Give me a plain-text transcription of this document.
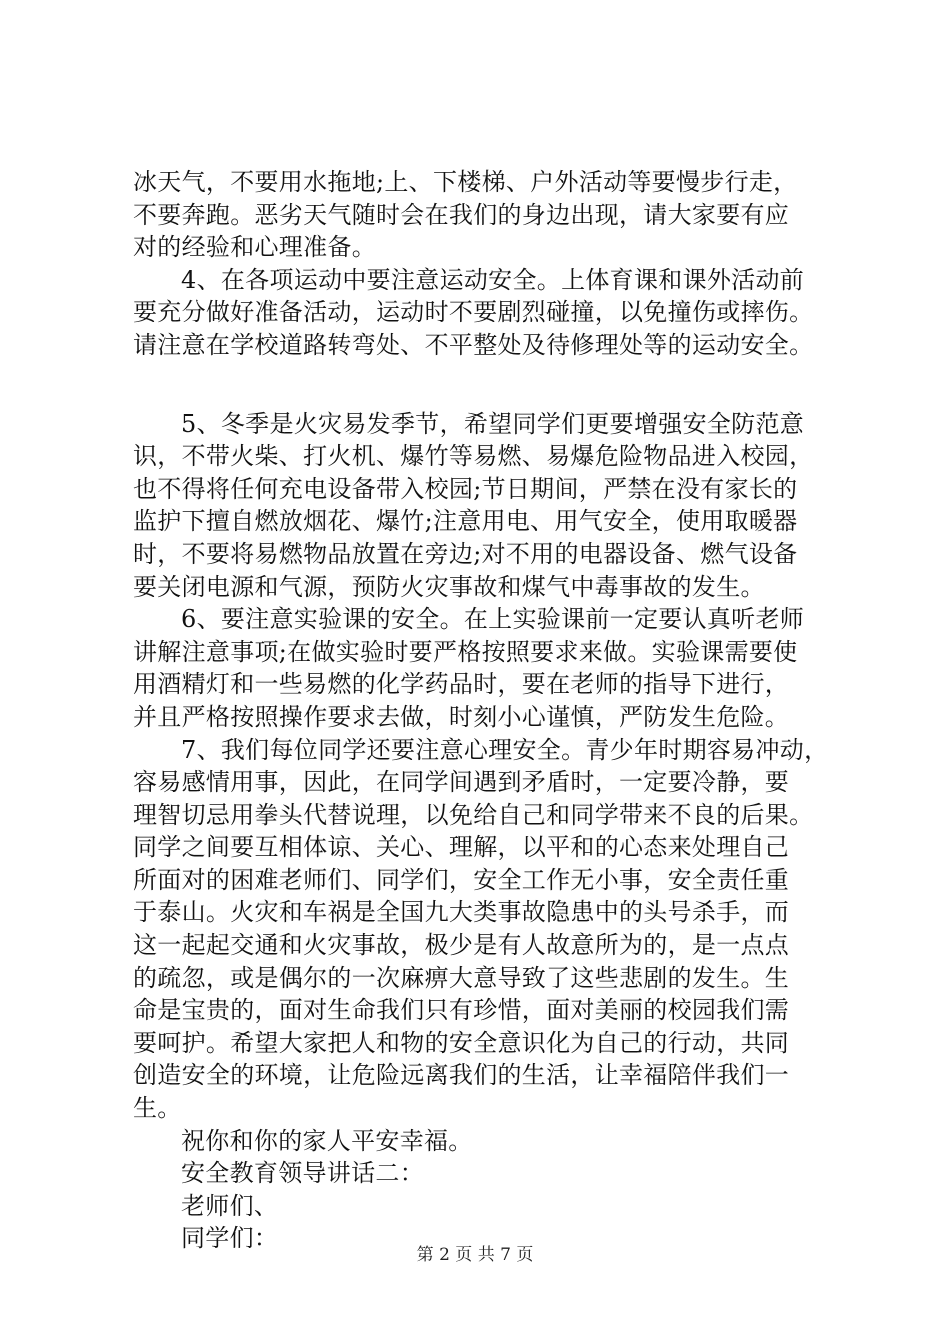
冰天气，不要用水拖地;上、下楼梯、户外活动等要慢步行走，
不要奔跑。恶劣天气随时会在我们的身边出现，请大家要有应
对的经验和心理准备。
4、在各项运动中要注意运动安全。上体育课和课外活动前
要充分做好准备活动，运动时不要剧烈碰撞，以免撞伤或摔伤。
请注意在学校道路转弯处、不平整处及待修理处等的运动安全。
5、冬季是火灾易发季节，希望同学们更要增强安全防范意
识，不带火柴、打火机、爆竹等易燃、易爆危险物品进入校园，
也不得将任何充电设备带入校园;节日期间，严禁在没有家长的
监护下擅自燃放烟花、爆竹;注意用电、用气安全，使用取暖器
时，不要将易燃物品放置在旁边;对不用的电器设备、燃气设备
要关闭电源和气源，预防火灾事故和煤气中毒事故的发生。
6、要注意实验课的安全。在上实验课前一定要认真听老师
讲解注意事项;在做实验时要严格按照要求来做。实验课需要使
用酒精灯和一些易燃的化学药品时，要在老师的指导下进行，
并且严格按照操作要求去做，时刻小心谨慎，严防发生危险。
7、我们每位同学还要注意心理安全。青少年时期容易冲动，
容易感情用事，因此，在同学间遇到矛盾时，一定要冷静，要
理智切忌用拳头代替说理，以免给自己和同学带来不良的后果。
同学之间要互相体谅、关心、理解，以平和的心态来处理自己
所面对的困难老师们、同学们，安全工作无小事，安全责任重
于泰山。火灾和车祸是全国九大类事故隐患中的头号杀手，而
这一起起交通和火灾事故，极少是有人故意所为的，是一点点
的疏忽，或是偶尔的一次麻痹大意导致了这些悲剧的发生。生
命是宝贵的，面对生命我们只有珍惜，面对美丽的校园我们需
要呵护。希望大家把人和物的安全意识化为自己的行动，共同
创造安全的环境，让危险远离我们的生活，让幸福陪伴我们一
生。
祝你和你的家人平安幸福。
安全教育领导讲话二：
老师们、
同学们：
第 2 页 共 7 页
